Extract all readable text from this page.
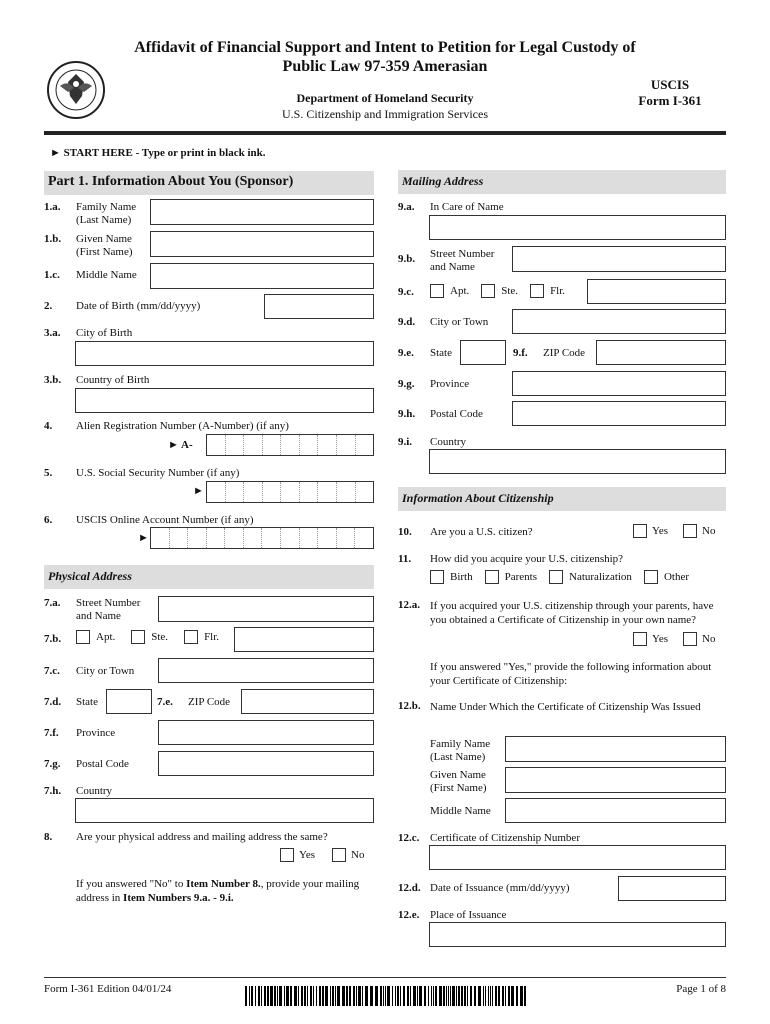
Affidavit of Financial Support and Intent to Petition for Legal Custody of Public Law 97-359 Amerasian
Department of Homeland Security
U.S. Citizenship and Immigration Services
USCIS
Form I-361
► START HERE - Type or print in black ink.
Part 1. Information About You (Sponsor)
1.a. Family Name (Last Name)
1.b. Given Name (First Name)
1.c. Middle Name
2. Date of Birth (mm/dd/yyyy)
3.a. City of Birth
3.b. Country of Birth
4. Alien Registration Number (A-Number) (if any)
► A-
5. U.S. Social Security Number (if any)
►
6. USCIS Online Account Number (if any)
►
Physical Address
7.a. Street Number and Name
7.b.	Apt.	Ste.	Flr.
7.c. City or Town
7.d. State	7.e. ZIP Code
7.f. Province
7.g. Postal Code
7.h. Country
8. Are your physical address and mailing address the same?
Yes	No
If you answered "No" to Item Number 8., provide your mailing address in Item Numbers 9.a. - 9.i.
Mailing Address
9.a. In Care of Name
9.b. Street Number and Name
9.c.	Apt.	Ste.	Flr.
9.d. City or Town
9.e. State	9.f. ZIP Code
9.g. Province
9.h. Postal Code
9.i. Country
Information About Citizenship
10. Are you a U.S. citizen?	Yes	No
11. How did you acquire your U.S. citizenship?
Birth	Parents	Naturalization	Other
12.a. If you acquired your U.S. citizenship through your parents, have you obtained a Certificate of Citizenship in your own name?
Yes	No
If you answered "Yes," provide the following information about your Certificate of Citizenship:
12.b. Name Under Which the Certificate of Citizenship Was Issued
Family Name (Last Name)
Given Name (First Name)
Middle Name
12.c. Certificate of Citizenship Number
12.d. Date of Issuance (mm/dd/yyyy)
12.e. Place of Issuance
Form I-361 Edition 04/01/24	Page 1 of 8
